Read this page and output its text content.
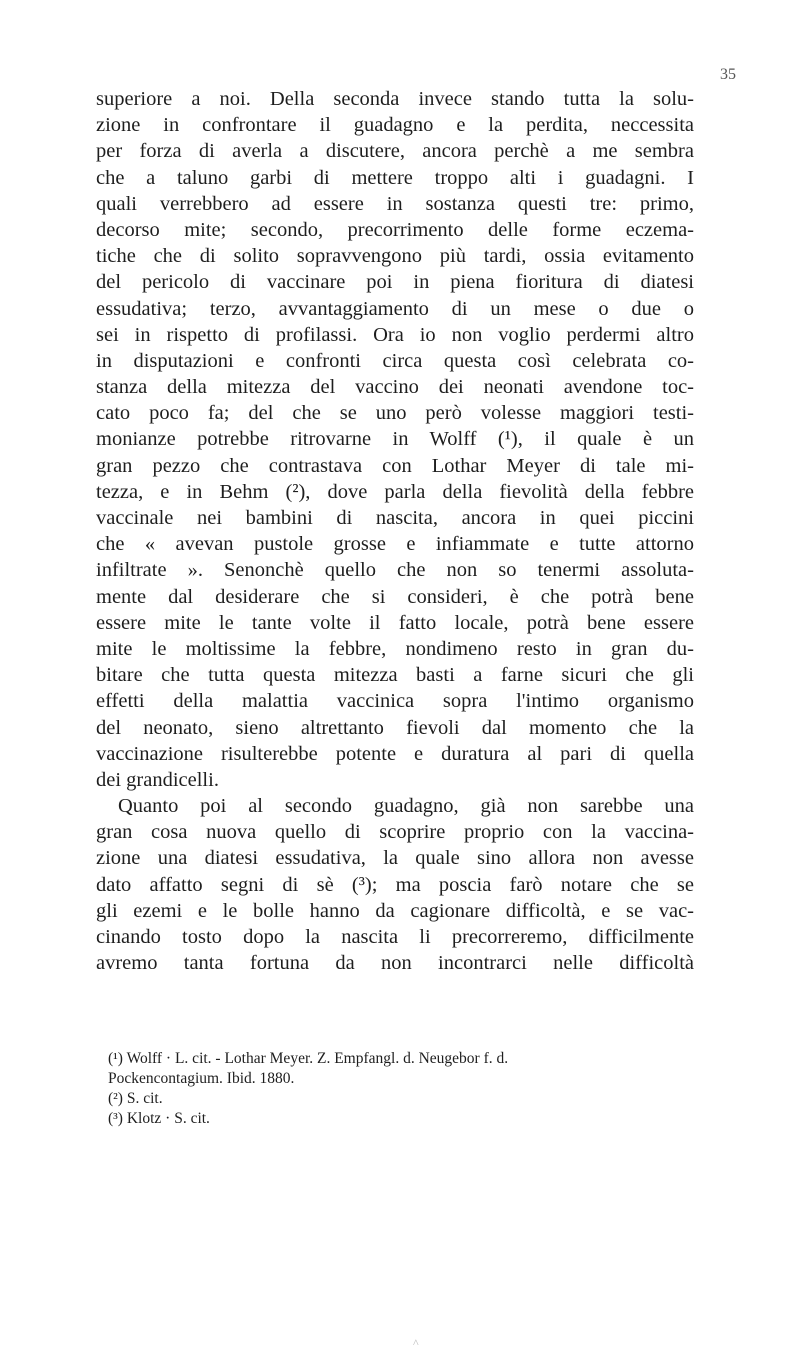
35
superiore a noi. Della seconda invece stando tutta la solu-
zione in confrontare il guadagno e la perdita, neccessita
per forza di averla a discutere, ancora perchè a me sembra
che a taluno garbi di mettere troppo alti i guadagni. I
quali verrebbero ad essere in sostanza questi tre: primo,
decorso mite; secondo, precorrimento delle forme eczema-
tiche che di solito sopravvengono più tardi, ossia evitamento
del pericolo di vaccinare poi in piena fioritura di diatesi
essudativa; terzo, avvantaggiamento di un mese o due o
sei in rispetto di profilassi. Ora io non voglio perdermi altro
in disputazioni e confronti circa questa così celebrata co-
stanza della mitezza del vaccino dei neonati avendone toc-
cato poco fa; del che se uno però volesse maggiori testi-
monianze potrebbe ritrovarne in Wolff (¹), il quale è un
gran pezzo che contrastava con Lothar Meyer di tale mi-
tezza, e in Behm (²), dove parla della fievolità della febbre
vaccinale nei bambini di nascita, ancora in quei piccini
che « avevan pustole grosse e infiammate e tutte attorno
infiltrate ». Senonchè quello che non so tenermi assoluta-
mente dal desiderare che si consideri, è che potrà bene
essere mite le tante volte il fatto locale, potrà bene essere
mite le moltissime la febbre, nondimeno resto in gran du-
bitare che tutta questa mitezza basti a farne sicuri che gli
effetti della malattia vaccinica sopra l'intimo organismo
del neonato, sieno altrettanto fievoli dal momento che la
vaccinazione risulterebbe potente e duratura al pari di quella
dei grandicelli.
Quanto poi al secondo guadagno, già non sarebbe una
gran cosa nuova quello di scoprire proprio con la vaccina-
zione una diatesi essudativa, la quale sino allora non avesse
dato affatto segni di sè (³); ma poscia farò notare che se
gli ezemi e le bolle hanno da cagionare difficoltà, e se vac-
cinando tosto dopo la nascita li precorreremo, difficilmente
avremo tanta fortuna da non incontrarci nelle difficoltà
(¹) Wolff · L. cit. - Lothar Meyer. Z. Empfangl. d. Neugebor f. d.
Pockencontagium. Ibid. 1880.
(²) S. cit.
(³) Klotz · S. cit.
^
